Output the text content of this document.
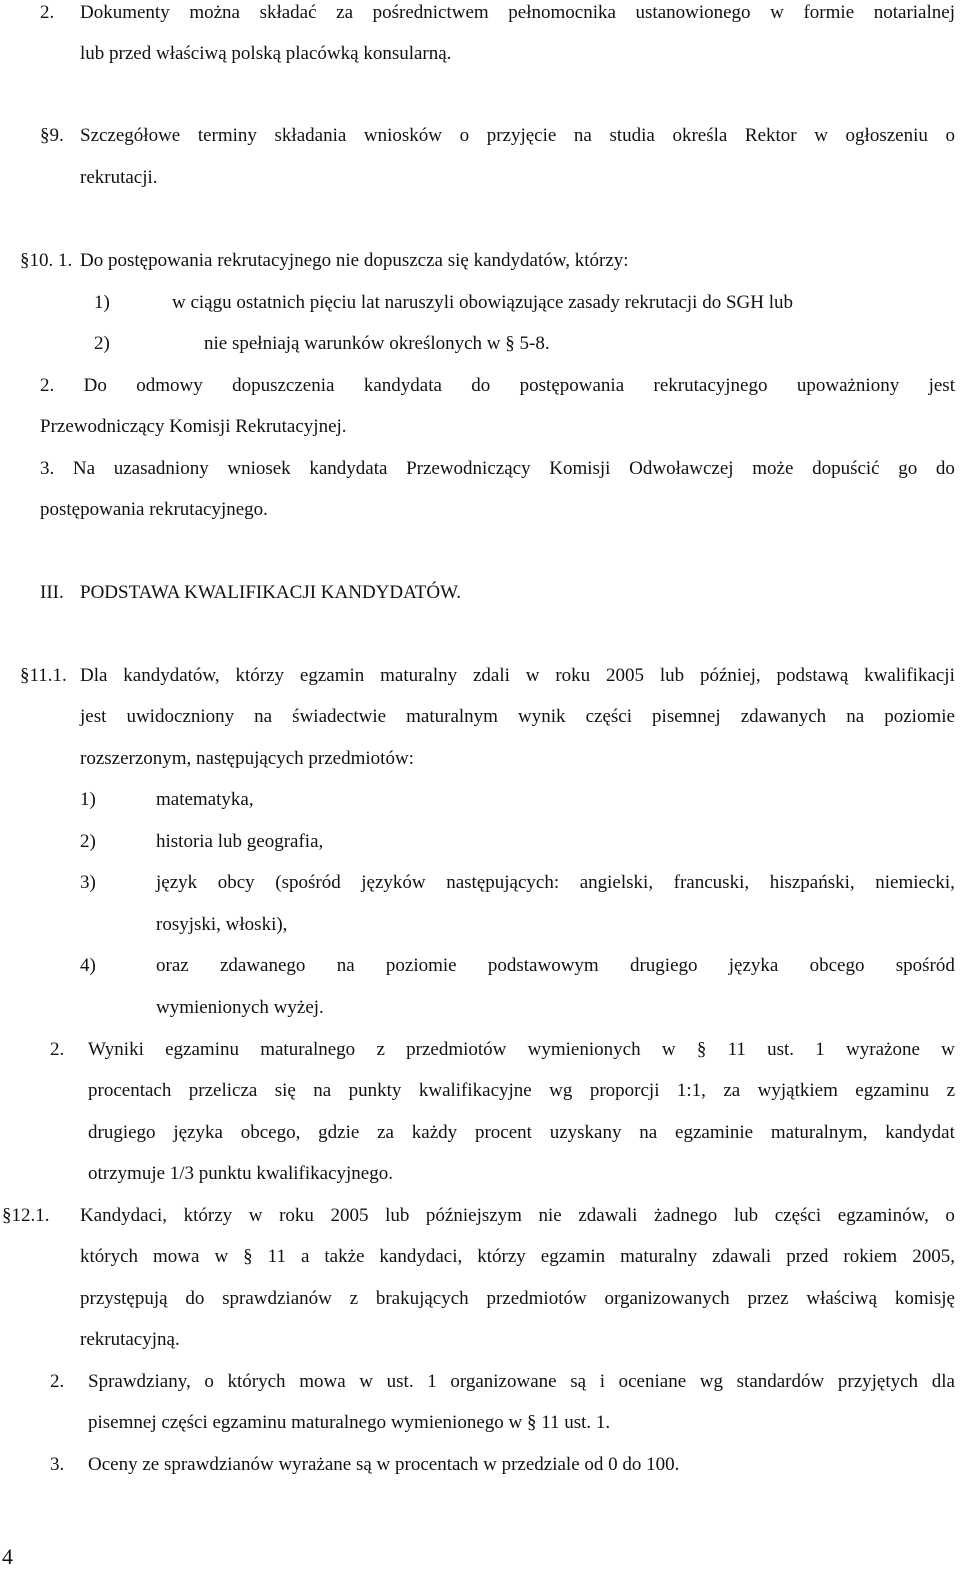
2. Dokumenty można składać za pośrednictwem pełnomocnika ustanowionego w formie notarialnej
lub przed właściwą polską placówką konsularną.
§9. Szczegółowe terminy składania wniosków o przyjęcie na studia określa Rektor w ogłoszeniu o
rekrutacji.
§10. 1. Do postępowania rekrutacyjnego nie dopuszcza się kandydatów, którzy:
1)	w ciągu ostatnich pięciu lat naruszyli obowiązujące zasady rekrutacji do SGH lub
2)	nie spełniają warunków określonych w § 5-8.
2. Do odmowy dopuszczenia kandydata do postępowania rekrutacyjnego upoważniony jest
Przewodniczący Komisji Rekrutacyjnej.
3. Na uzasadniony wniosek kandydata Przewodniczący Komisji Odwoławczej może dopuścić go do
postępowania rekrutacyjnego.
III. PODSTAWA KWALIFIKACJI KANDYDATÓW.
§11.1. Dla kandydatów, którzy egzamin maturalny zdali w roku 2005 lub później, podstawą kwalifikacji
jest uwidoczniony na świadectwie maturalnym wynik części pisemnej zdawanych na poziomie
rozszerzonym, następujących przedmiotów:
1)	matematyka,
2)	historia lub geografia,
3)	język obcy (spośród języków następujących: angielski, francuski, hiszpański, niemiecki,
rosyjski, włoski),
4)	oraz zdawanego na poziomie podstawowym drugiego języka obcego spośród
wymienionych wyżej.
2. Wyniki egzaminu maturalnego z przedmiotów wymienionych w § 11 ust. 1 wyrażone w
procentach przelicza się na punkty kwalifikacyjne wg proporcji 1:1, za wyjątkiem egzaminu z
drugiego języka obcego, gdzie za każdy procent uzyskany na egzaminie maturalnym, kandydat
otrzymuje 1/3 punktu kwalifikacyjnego.
§12.1. Kandydaci, którzy w roku 2005 lub późniejszym nie zdawali żadnego lub części egzaminów, o
których mowa w § 11 a także kandydaci, którzy egzamin maturalny zdawali przed rokiem 2005,
przystępują do sprawdzianów z brakujących przedmiotów organizowanych przez właściwą komisję
rekrutacyjną.
2. Sprawdziany, o których mowa w ust. 1 organizowane są i oceniane wg standardów przyjętych dla
pisemnej części egzaminu maturalnego wymienionego w § 11 ust. 1.
3. Oceny ze sprawdzianów wyrażane są w procentach w przedziale od 0 do 100.
4
